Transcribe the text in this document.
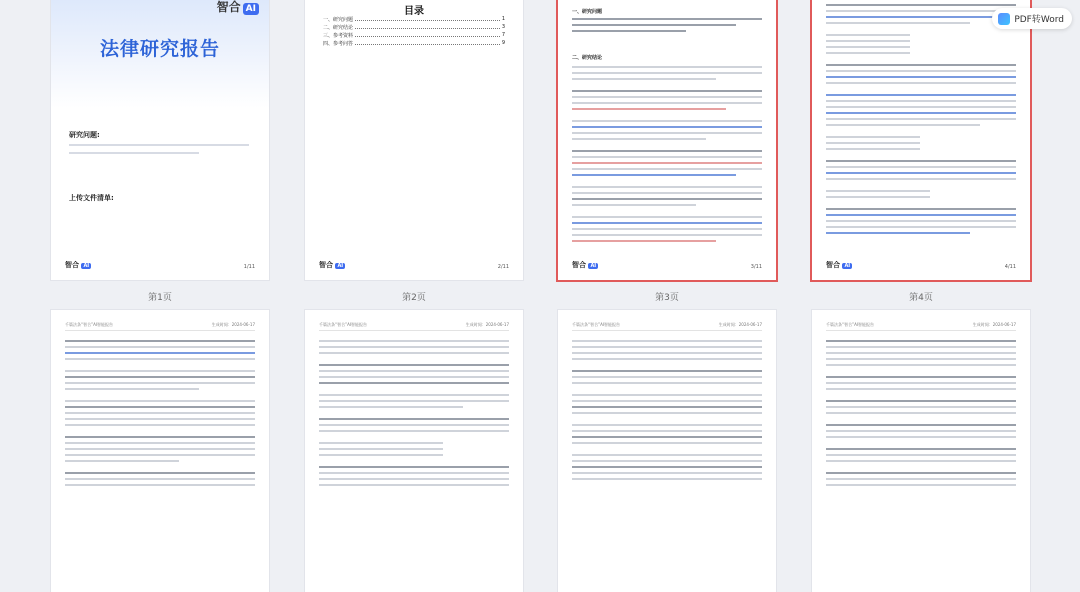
智合 AI
法律研究报告
研究问题:
上传文件清单:
智合 AI	1/11
第1页
目录
一、研究问题	1
二、研究结论	3
三、参考资料	7
四、参考问答	9
智合 AI	2/11
第2页
一、研究问题
二、研究结论
智合 AI	3/11
第3页
智合 AI	4/11
第4页
千篇法条“智合”AI智能报告	生成时间：2024-06-17	千篇法条“智合”AI智能报告	生成时间：2024-06-17	千篇法条“智合”AI智能报告	生成时间：2024-06-17	千篇法条“智合”AI智能报告	生成时间：2024-06-17
PDF转Word
